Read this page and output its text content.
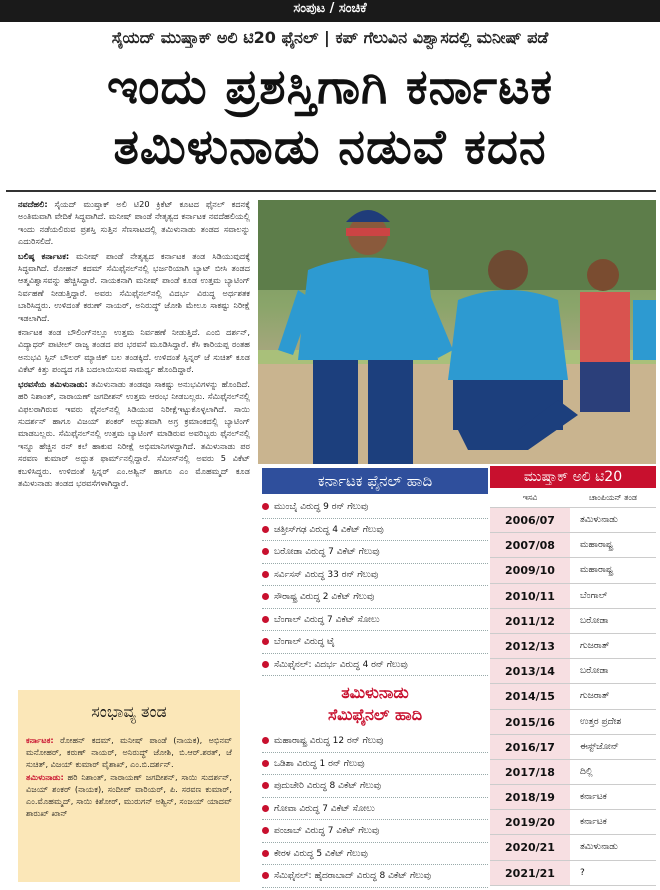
ಸಂಪುಟ / ಸಂಚಿಕೆ
ಸೈಯದ್ ಮುಷ್ತಾಕ್ ಅಲಿ ಟಿ20 ಫೈನಲ್ | ಕಪ್ ಗೆಲುವಿನ ವಿಶ್ವಾಸದಲ್ಲಿ ಮನೀಷ್ ಪಡೆ
ಇಂದು ಪ್ರಶಸ್ತಿಗಾಗಿ ಕರ್ನಾಟಕ
ತಮಿಳುನಾಡು ನಡುವೆ ಕದನ

ನವದೆಹಲಿ: ಸೈಯದ್ ಮುಷ್ತಾಕ್ ಅಲಿ ಟಿ20 ಕ್ರಿಕೆಟ್ ಕೂಟದ ಫೈನಲ್ ಕದನಕ್ಕೆ ಅಂತಿಮವಾಗಿ ವೇದಿಕೆ ಸಿದ್ಧವಾಗಿದೆ. ಮನೀಷ್ ಪಾಂಡೆ ನೇತೃತ್ವದ ಕರ್ನಾಟಕ ನವದೆಹಲಿಯಲ್ಲಿ ಇಂದು ನಡೆಯಲಿರುವ ಪ್ರಶಸ್ತಿ ಸುತ್ತಿನ ಸೆಣಸಾಟದಲ್ಲಿ ತಮಿಳುನಾಡು ತಂಡದ ಸವಾಲನ್ನು ಎದುರಿಸಲಿದೆ.

ಬಲಿಷ್ಠ ಕರ್ನಾಟಕ: ಮನೀಷ್ ಪಾಂಡೆ ನೇತೃತ್ವದ ಕರ್ನಾಟಕ ತಂಡ ಸಿಡಿಯುವುದಕ್ಕೆ ಸಿದ್ಧವಾಗಿದೆ. ರೋಹನ್ ಕದಮ್ ಸೆಮಿಫೈನಲ್‌ನಲ್ಲಿ ಭರ್ಜರಿಯಾಗಿ ಬ್ಯಾಟ್ ಬೀಸಿ ತಂಡದ ಆತ್ಮವಿಶ್ವಾಸವನ್ನು ಹೆಚ್ಚಿಸಿದ್ದಾರೆ. ನಾಯಕನಾಗಿ ಮನೀಷ್ ಪಾಂಡೆ ಕೂಡ ಉತ್ತಮ ಬ್ಯಾಟಿಂಗ್ ನಿರ್ವಹಣೆ ನೀಡುತ್ತಿದ್ದಾರೆ. ಅವರು ಸೆಮಿಫೈನಲ್‌ನಲ್ಲಿ ವಿದರ್ಭ ವಿರುದ್ಧ ಅರ್ಧಶತಕ ಬಾರಿಸಿದ್ದರು. ಉಳಿದಂತೆ ಕರುಣ್ ನಾಯರ್, ಅನಿರುದ್ಧ್ ಜೋಶಿ ಮೇಲೂ ಸಾಕಷ್ಟು ನಿರೀಕ್ಷೆ ಇಡಲಾಗಿದೆ.

ಕರ್ನಾಟಕ ತಂಡ ಬೌಲಿಂಗ್‌ನಲ್ಲೂ ಉತ್ತಮ ನಿರ್ವಹಣೆ ನೀಡುತ್ತಿದೆ. ಎಂಬಿ ದರ್ಶನ್, ವಿದ್ಯಾಧರ್ ಪಾಟೀಲ್ ರಾಜ್ಯ ತಂಡದ ಪರ ಭರವಸೆ ಮೂಡಿಸಿದ್ದಾರೆ. ಕೆಸಿ ಕಾರಿಯಪ್ಪ ರಂತಹ ಅನುಭವಿ ಸ್ಪಿನ್ ಬೌಲರ್ ಮ್ಯಾಜಿಕ್ ಬಲ ತಂಡಕ್ಕಿದೆ. ಉಳಿದಂತೆ ಸ್ಪಿನ್ನರ್ ಜೆ ಸುಚಿತ್ ಕೂಡ ವಿಕೆಟ್ ಕಿತ್ತು ಪಂದ್ಯದ ಗತಿ ಬದಲಾಯಿಸುವ ಸಾಮರ್ಥ್ಯ ಹೊಂದಿದ್ದಾರೆ.

ಭರವಸೆಯ ತಮಿಳುನಾಡು: ತಮಿಳುನಾಡು ತಂಡವೂ ಸಾಕಷ್ಟು ಅನುಭವಿಗಳನ್ನು ಹೊಂದಿದೆ. ಹರಿ ನಿಶಾಂತ್, ನಾರಾಯಣ್ ಜಗದೀಶನ್ ಉತ್ತಮ ಆರಂಭ ನೀಡಬಲ್ಲರು. ಸೆಮಿಫೈನಲ್‌ನಲ್ಲಿ ವಿಫಲರಾಗಿರುವ ಇವರು ಫೈನಲ್‌ನಲ್ಲಿ ಸಿಡಿಯುವ ನಿರೀಕ್ಷೆಇಟ್ಟುಕೊಳ್ಳಲಾಗಿದೆ. ಸಾಯಿ ಸುದರ್ಶನ್ ಹಾಗೂ ವಿಜಯ್ ಶಂಕರ್ ಅದ್ಭುತವಾಗಿ ಅಗ್ರ ಕ್ರಮಾಂಕದಲ್ಲಿ ಬ್ಯಾಟಿಂಗ್ ಮಾಡಬಲ್ಲರು. ಸೆಮಿಫೈನಲ್‌ನಲ್ಲಿ ಉತ್ತಮ ಬ್ಯಾಟಿಂಗ್ ಮಾಡಿರುವ ಅವರಿಬ್ಬರು ಫೈನಲ್‌ನಲ್ಲಿ ಇನ್ನೂ ಹೆಚ್ಚಿನ ರನ್ ಕಲೆ ಹಾಕುವ ನಿರೀಕ್ಷೆ ಅಭಿಮಾನಿಗಳದ್ದಾಗಿದೆ. ತಮಿಳುನಾಡು ಪರ ಸರವಣ ಕುಮಾರ್ ಅದ್ಭುತ ಫಾರ್ಮ್‌ನಲ್ಲಿದ್ದಾರೆ. ಸೆಮೀಸ್‌ನಲ್ಲಿ ಅವರು 5 ವಿಕೆಟ್ ಕಬಳಿಸಿದ್ದರು. ಉಳಿದಂತೆ ಸ್ಪಿನ್ನರ್ ಎಂ.ಅಶ್ವಿನ್ ಹಾಗೂ ಎಂ ಮೊಹಮ್ಮದ್ ಕೂಡ ತಮಿಳುನಾಡು ತಂಡದ ಭರವಸೆಗಳಾಗಿದ್ದಾರೆ.	ಕರ್ನಾಟಕ ಫೈನಲ್ ಹಾದಿ
ಮುಂಬೈ ವಿರುದ್ಧ 9 ರನ್ ಗೆಲುವು
ಚತ್ತೀಸ್‌ಗಢ ವಿರುದ್ಧ 4 ವಿಕೆಟ್ ಗೆಲುವು
ಬರೋಡಾ ವಿರುದ್ಧ 7 ವಿಕೆಟ್ ಗೆಲುವು
ಸರ್ವಿಸಸ್ ವಿರುದ್ಧ 33 ರನ್ ಗೆಲುವು
ಸೌರಾಷ್ಟ್ರ ವಿರುದ್ಧ 2 ವಿಕೆಟ್ ಗೆಲುವು
ಬೆಂಗಾಲ್ ವಿರುದ್ಧ 7 ವಿಕೆಟ್ ಸೋಲು
ಬೆಂಗಾಲ್ ವಿರುದ್ಧ ಟೈ
ಸೆಮಿಫೈನಲ್: ವಿದರ್ಭ ವಿರುದ್ಧ 4 ರನ್ ಗೆಲುವು
ತಮಿಳುನಾಡು
ಸೆಮಿಫೈನಲ್ ಹಾದಿ
ಮಹಾರಾಷ್ಟ್ರ ವಿರುದ್ಧ 12 ರನ್ ಗೆಲುವು
ಒಡಿಶಾ ವಿರುದ್ಧ 1 ರನ್ ಗೆಲುವು
ಪುದುಚೇರಿ ವಿರುದ್ಧ 8 ವಿಕೆಟ್ ಗೆಲುವು
ಗೋವಾ ವಿರುದ್ಧ 7 ವಿಕೆಟ್ ಸೋಲು
ಪಂಜಾಬ್ ವಿರುದ್ಧ 7 ವಿಕೆಟ್ ಗೆಲುವು
ಕೇರಳ ವಿರುದ್ಧ 5 ವಿಕೆಟ್ ಗೆಲುವು
ಸೆಮಿಫೈನಲ್: ಹೈದರಾಬಾದ್ ವಿರುದ್ಧ 8 ವಿಕೆಟ್ ಗೆಲುವು
ಸಂಭಾವ್ಯ ತಂಡ

ಕರ್ನಾಟಕ: ರೋಹನ್ ಕದಮ್, ಮನೀಷ್ ಪಾಂಡೆ (ನಾಯಕ), ಅಭಿನವ್ ಮನೋಹರ್, ಕರುಣ್ ನಾಯರ್, ಅನಿರುದ್ಧ್ ಜೋಶಿ, ಬಿ.ಆರ್.ಶರತ್, ಜೆ ಸುಚಿತ್, ವಿಜಯ್ ಕುಮಾರ್ ವೈಶಾಖ್, ಎಂ.ಬಿ.ದರ್ಶನ್.

ತಮಿಳುನಾಡು: ಹರಿ ನಿಶಾಂತ್, ನಾರಾಯಣ್ ಜಗದೀಶನ್, ಸಾಯಿ ಸುದರ್ಶನ್, ವಿಜಯ್ ಶಂಕರ್ (ನಾಯಕ), ಸಂದೀಪ್ ವಾರಿಯರ್, ಪಿ. ಸರವಣ ಕುಮಾರ್, ಎಂ.ಮೊಹಮ್ಮದ್, ಸಾಯಿ ಕಿಶೋರ್, ಮುರುಗನ್ ಅಶ್ವಿನ್, ಸಂಜಯ್ ಯಾದವ್ ಶಾರುಖ್ ಖಾನ್

ಮುಷ್ತಾಕ್ ಅಲಿ ಟಿ20
ಇಸವಿ	ಚಾಂಪಿಯನ್ ತಂಡ
2006/07	ತಮಿಳುನಾಡು
2007/08	ಮಹಾರಾಷ್ಟ್ರ
2009/10	ಮಹಾರಾಷ್ಟ್ರ
2010/11	ಬೆಂಗಾಲ್
2011/12	ಬರೋಡಾ
2012/13	ಗುಜರಾತ್
2013/14	ಬರೋಡಾ
2014/15	ಗುಜರಾತ್
2015/16	ಉತ್ತರ ಪ್ರದೇಶ
2016/17	ಈಸ್ಟ್‌ಜೋನ್
2017/18	ದಿಲ್ಲಿ
2018/19	ಕರ್ನಾಟಕ
2019/20	ಕರ್ನಾಟಕ
2020/21	ತಮಿಳುನಾಡು
2021/21	?
